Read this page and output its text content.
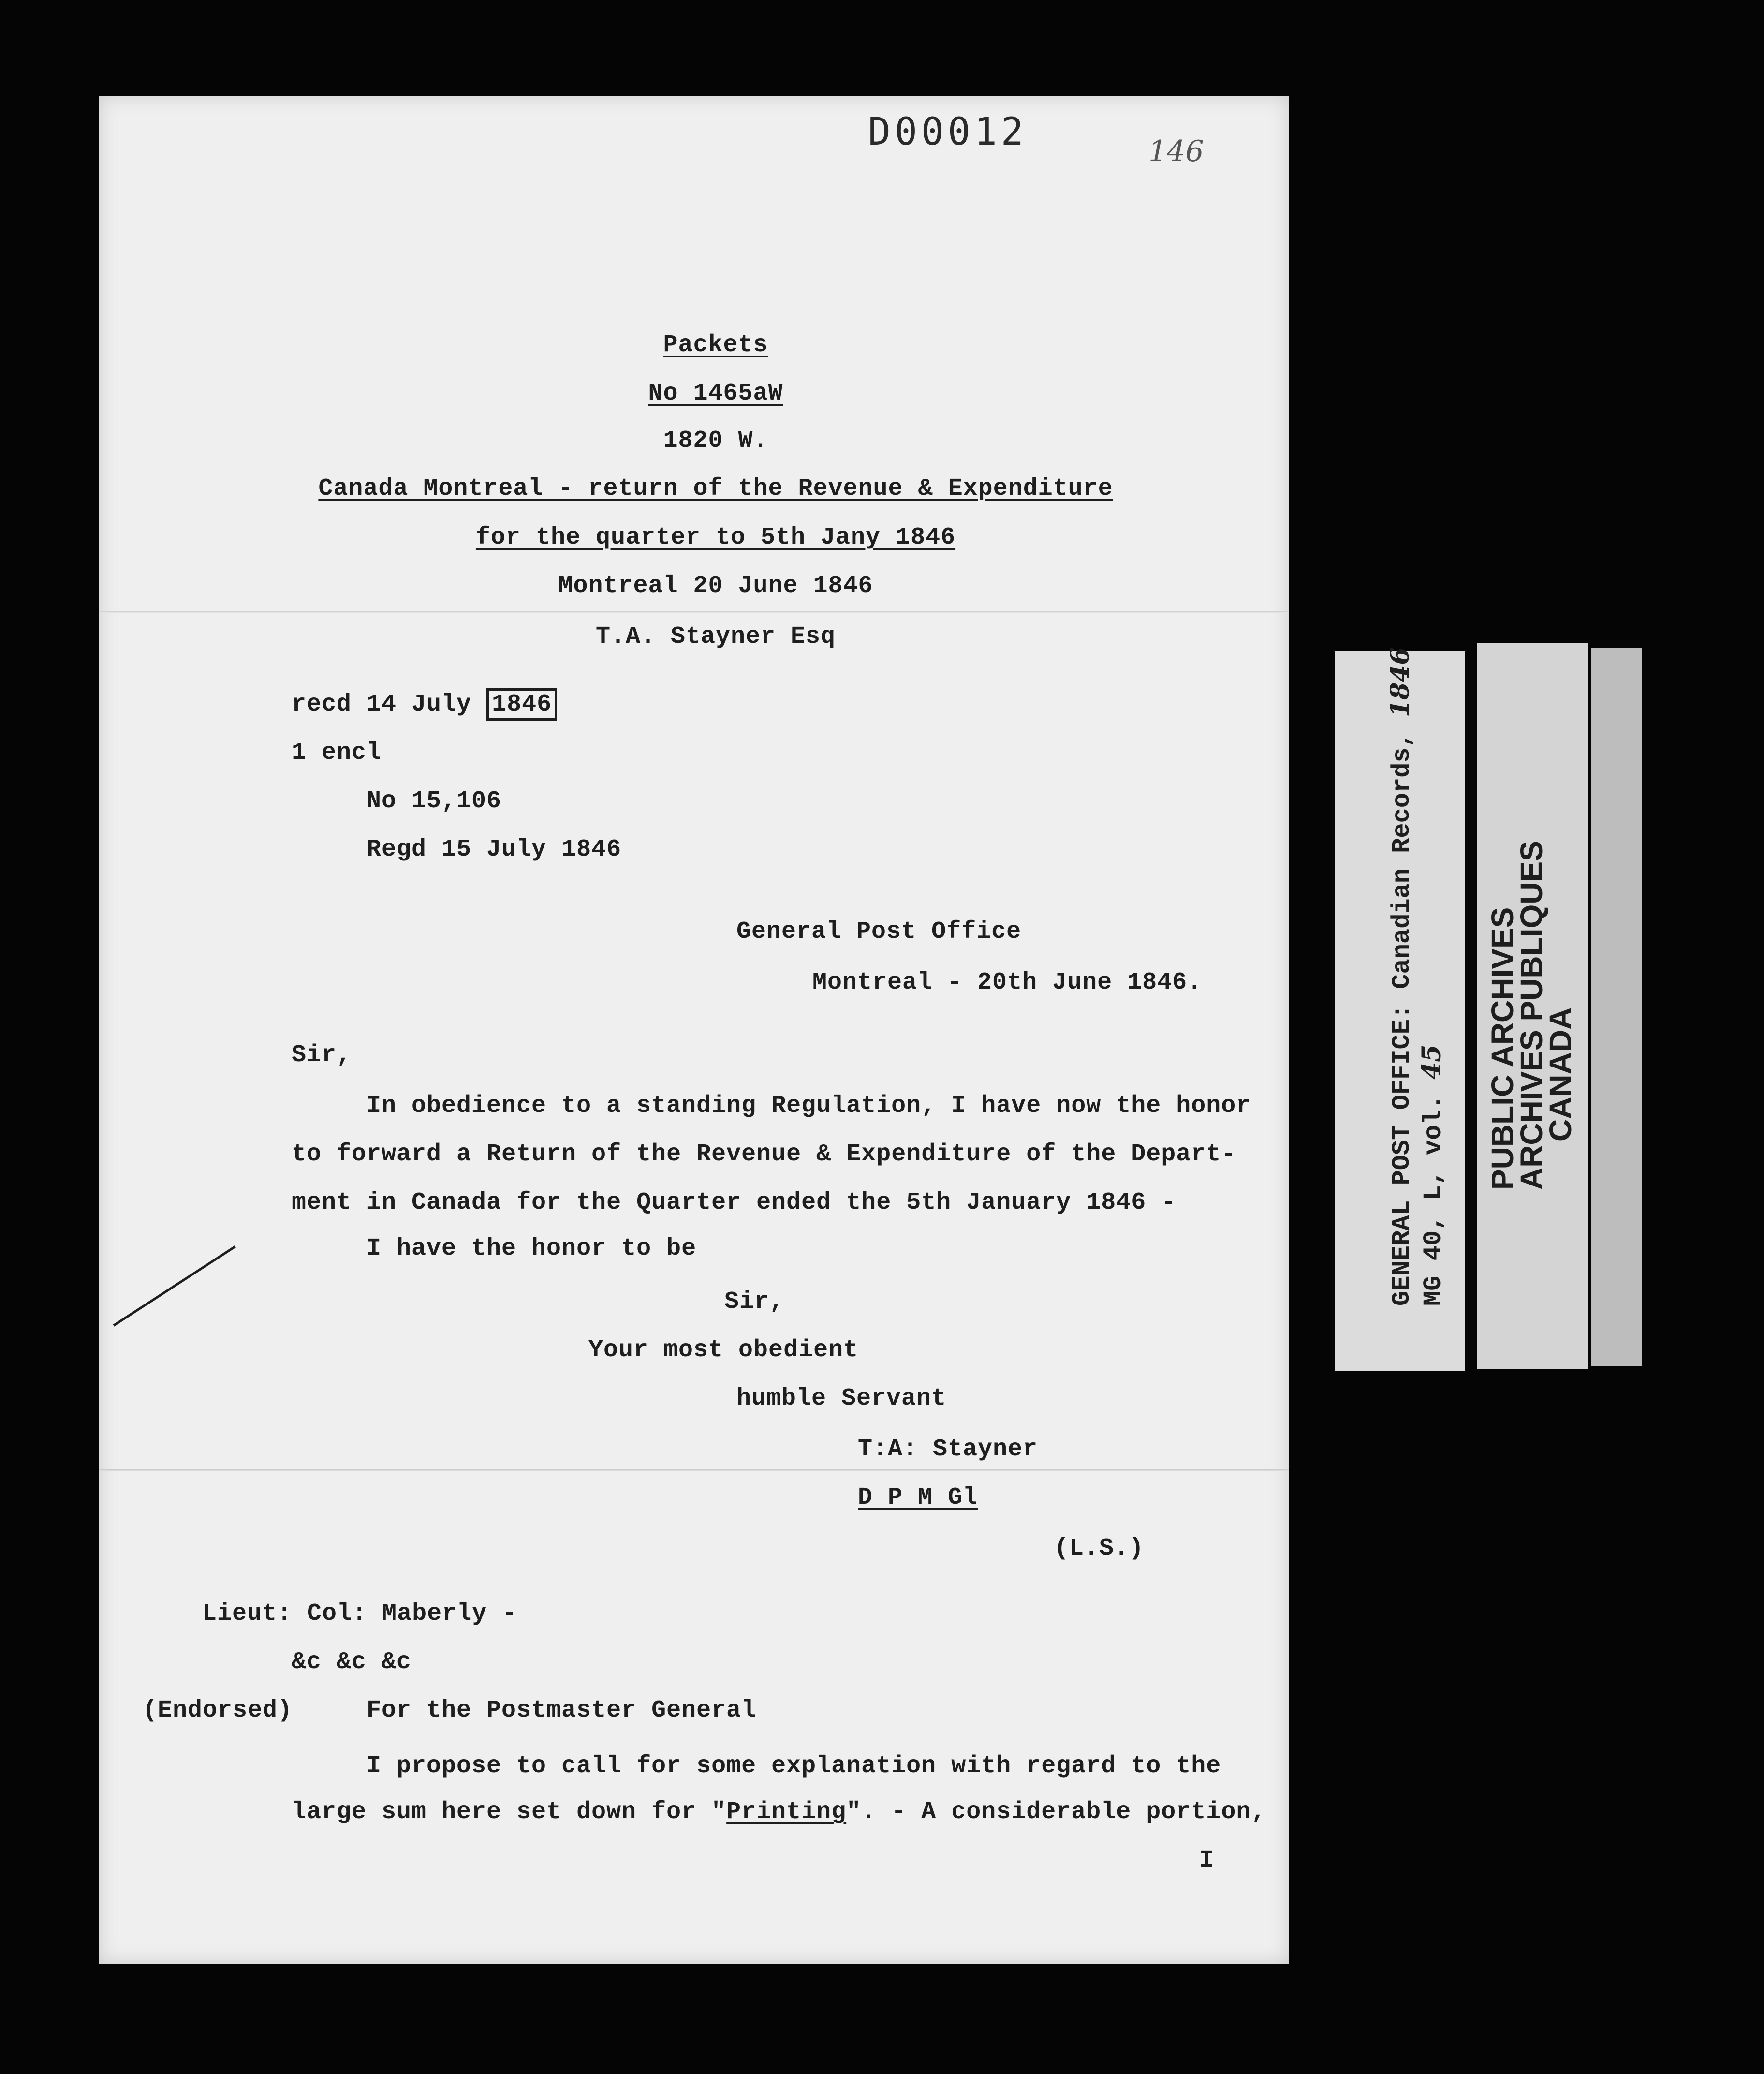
D00012	146
Packets
No 1465aW
1820 W.
Canada Montreal - return of the Revenue & Expenditure
for the quarter to 5th Jany 1846
Montreal 20 June 1846
T.A. Stayner Esq
recd 14 July 1846
1 encl
No 15,106
Regd 15 July 1846
General Post Office
Montreal - 20th June 1846.
Sir,
In obedience to a standing Regulation, I have now the honor
to forward a Return of the Revenue & Expenditure of the Depart-
ment in Canada for the Quarter ended the 5th January 1846 -
I have the honor to be
Sir,
Your most obedient
humble Servant
T:A: Stayner
D P M Gl
(L.S.)
Lieut: Col: Maberly -
&c &c &c
(Endorsed)	For the Postmaster General
I propose to call for some explanation with regard to the
large sum here set down for "Printing". - A considerable portion,
I
GENERAL POST OFFICE: Canadian Records, 1846
MG 40, L, vol. 45 PUBLIC ARCHIVES
ARCHIVES PUBLIQUES
CANADA
